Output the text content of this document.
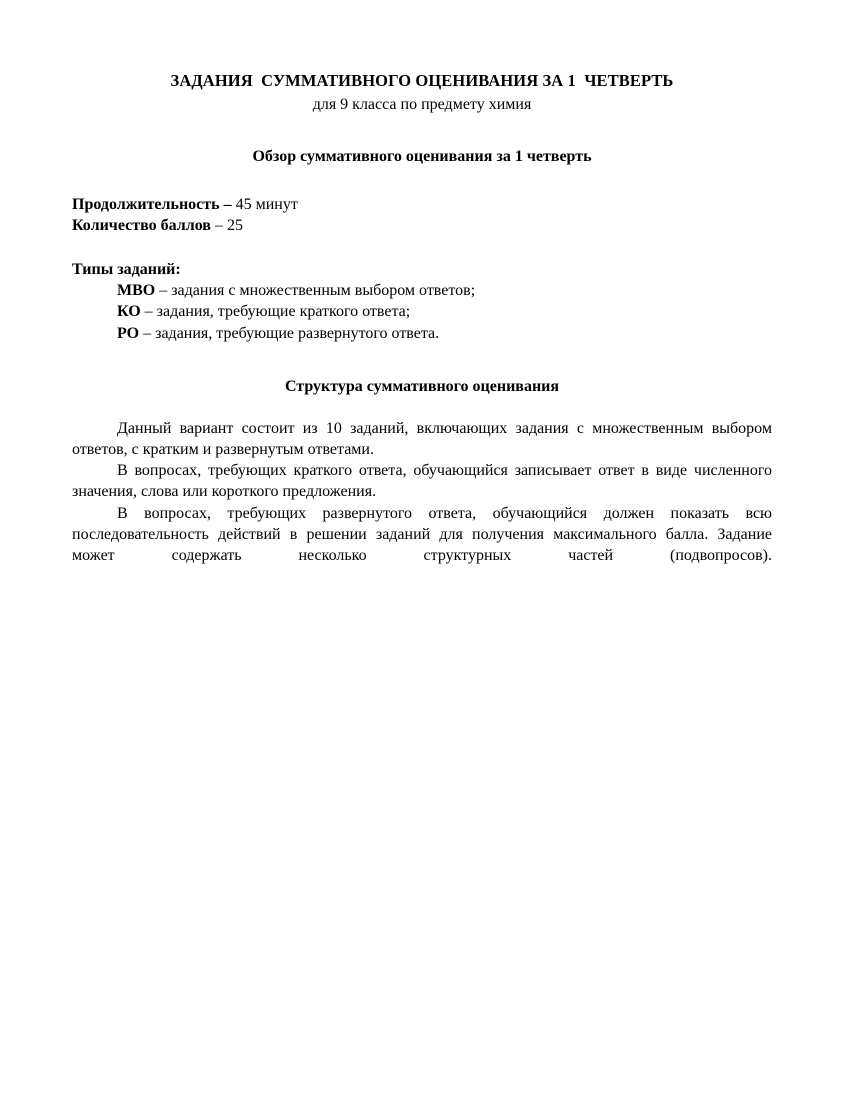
ЗАДАНИЯ  СУММАТИВНОГО ОЦЕНИВАНИЯ ЗА 1  ЧЕТВЕРТЬ

для 9 класса по предмету химия

Обзор суммативного оценивания за 1 четверть

Продолжительность – 45 минут

Количество баллов – 25

Типы заданий:

МВО – задания с множественным выбором ответов;

КО – задания, требующие краткого ответа;

РО – задания, требующие развернутого ответа.

Структура суммативного оценивания

Данный вариант состоит из 10 заданий, включающих задания с множественным выбором ответов, с кратким и развернутым ответами.

В вопросах, требующих краткого ответа, обучающийся записывает ответ в виде численного значения, слова или короткого предложения.

В вопросах, требующих развернутого ответа, обучающийся должен показать всю последовательность действий в решении заданий для получения максимального балла. Задание может содержать несколько структурных частей (подвопросов).
